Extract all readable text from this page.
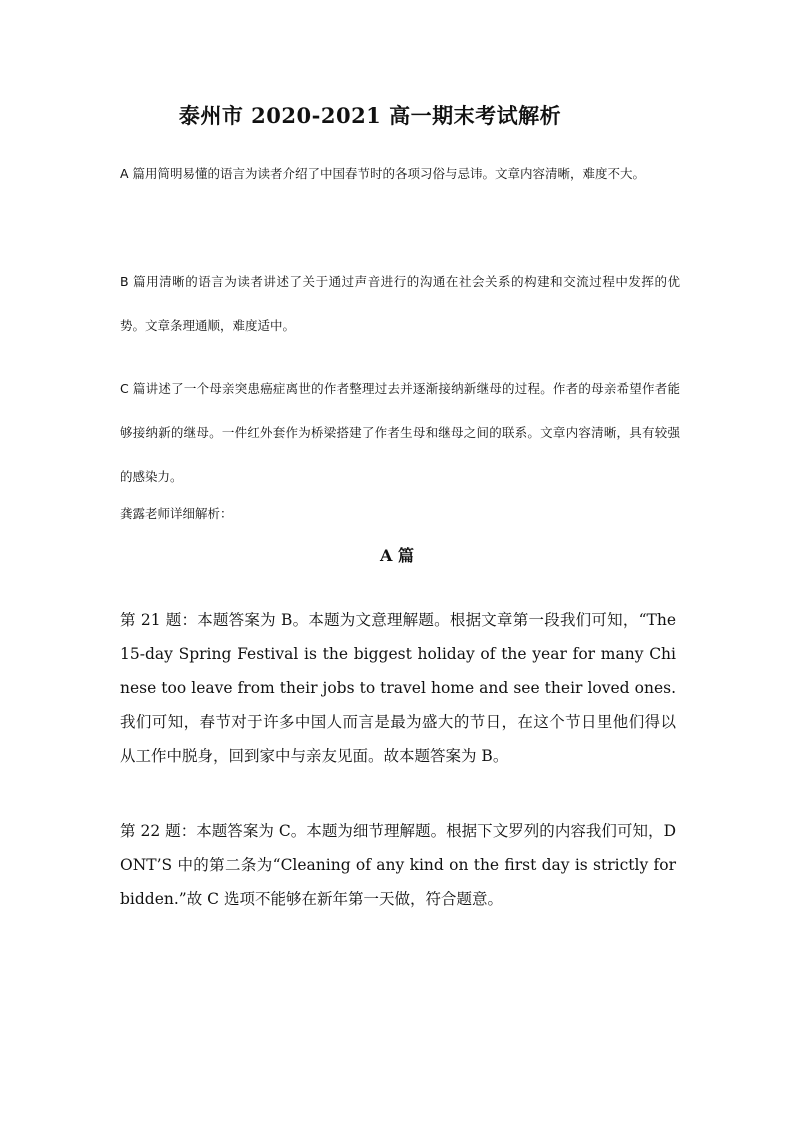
泰州市 2020-2021 高一期末考试解析

A 篇用简明易懂的语言为读者介绍了中国春节时的各项习俗与忌讳。文章内容清晰，难度不大。

B 篇用清晰的语言为读者讲述了关于通过声音进行的沟通在社会关系的构建和交流过程中发挥的优势。文章条理通顺，难度适中。

C 篇讲述了一个母亲突患癌症离世的作者整理过去并逐渐接纳新继母的过程。作者的母亲希望作者能够接纳新的继母。一件红外套作为桥梁搭建了作者生母和继母之间的联系。文章内容清晰，具有较强的感染力。

龚露老师详细解析：
A 篇

第 21 题：本题答案为 B。本题为文意理解题。根据文章第一段我们可知，“The 15-day Spring Festival is the biggest holiday of the year for many Chinese too leave from their jobs to travel home and see their loved ones. 我们可知，春节对于许多中国人而言是最为盛大的节日，在这个节日里他们得以从工作中脱身，回到家中与亲友见面。故本题答案为 B。

第 22 题：本题答案为 C。本题为细节理解题。根据下文罗列的内容我们可知，DONT’S 中的第二条为“Cleaning of any kind on the first day is strictly forbidden.”故 C 选项不能够在新年第一天做，符合题意。
